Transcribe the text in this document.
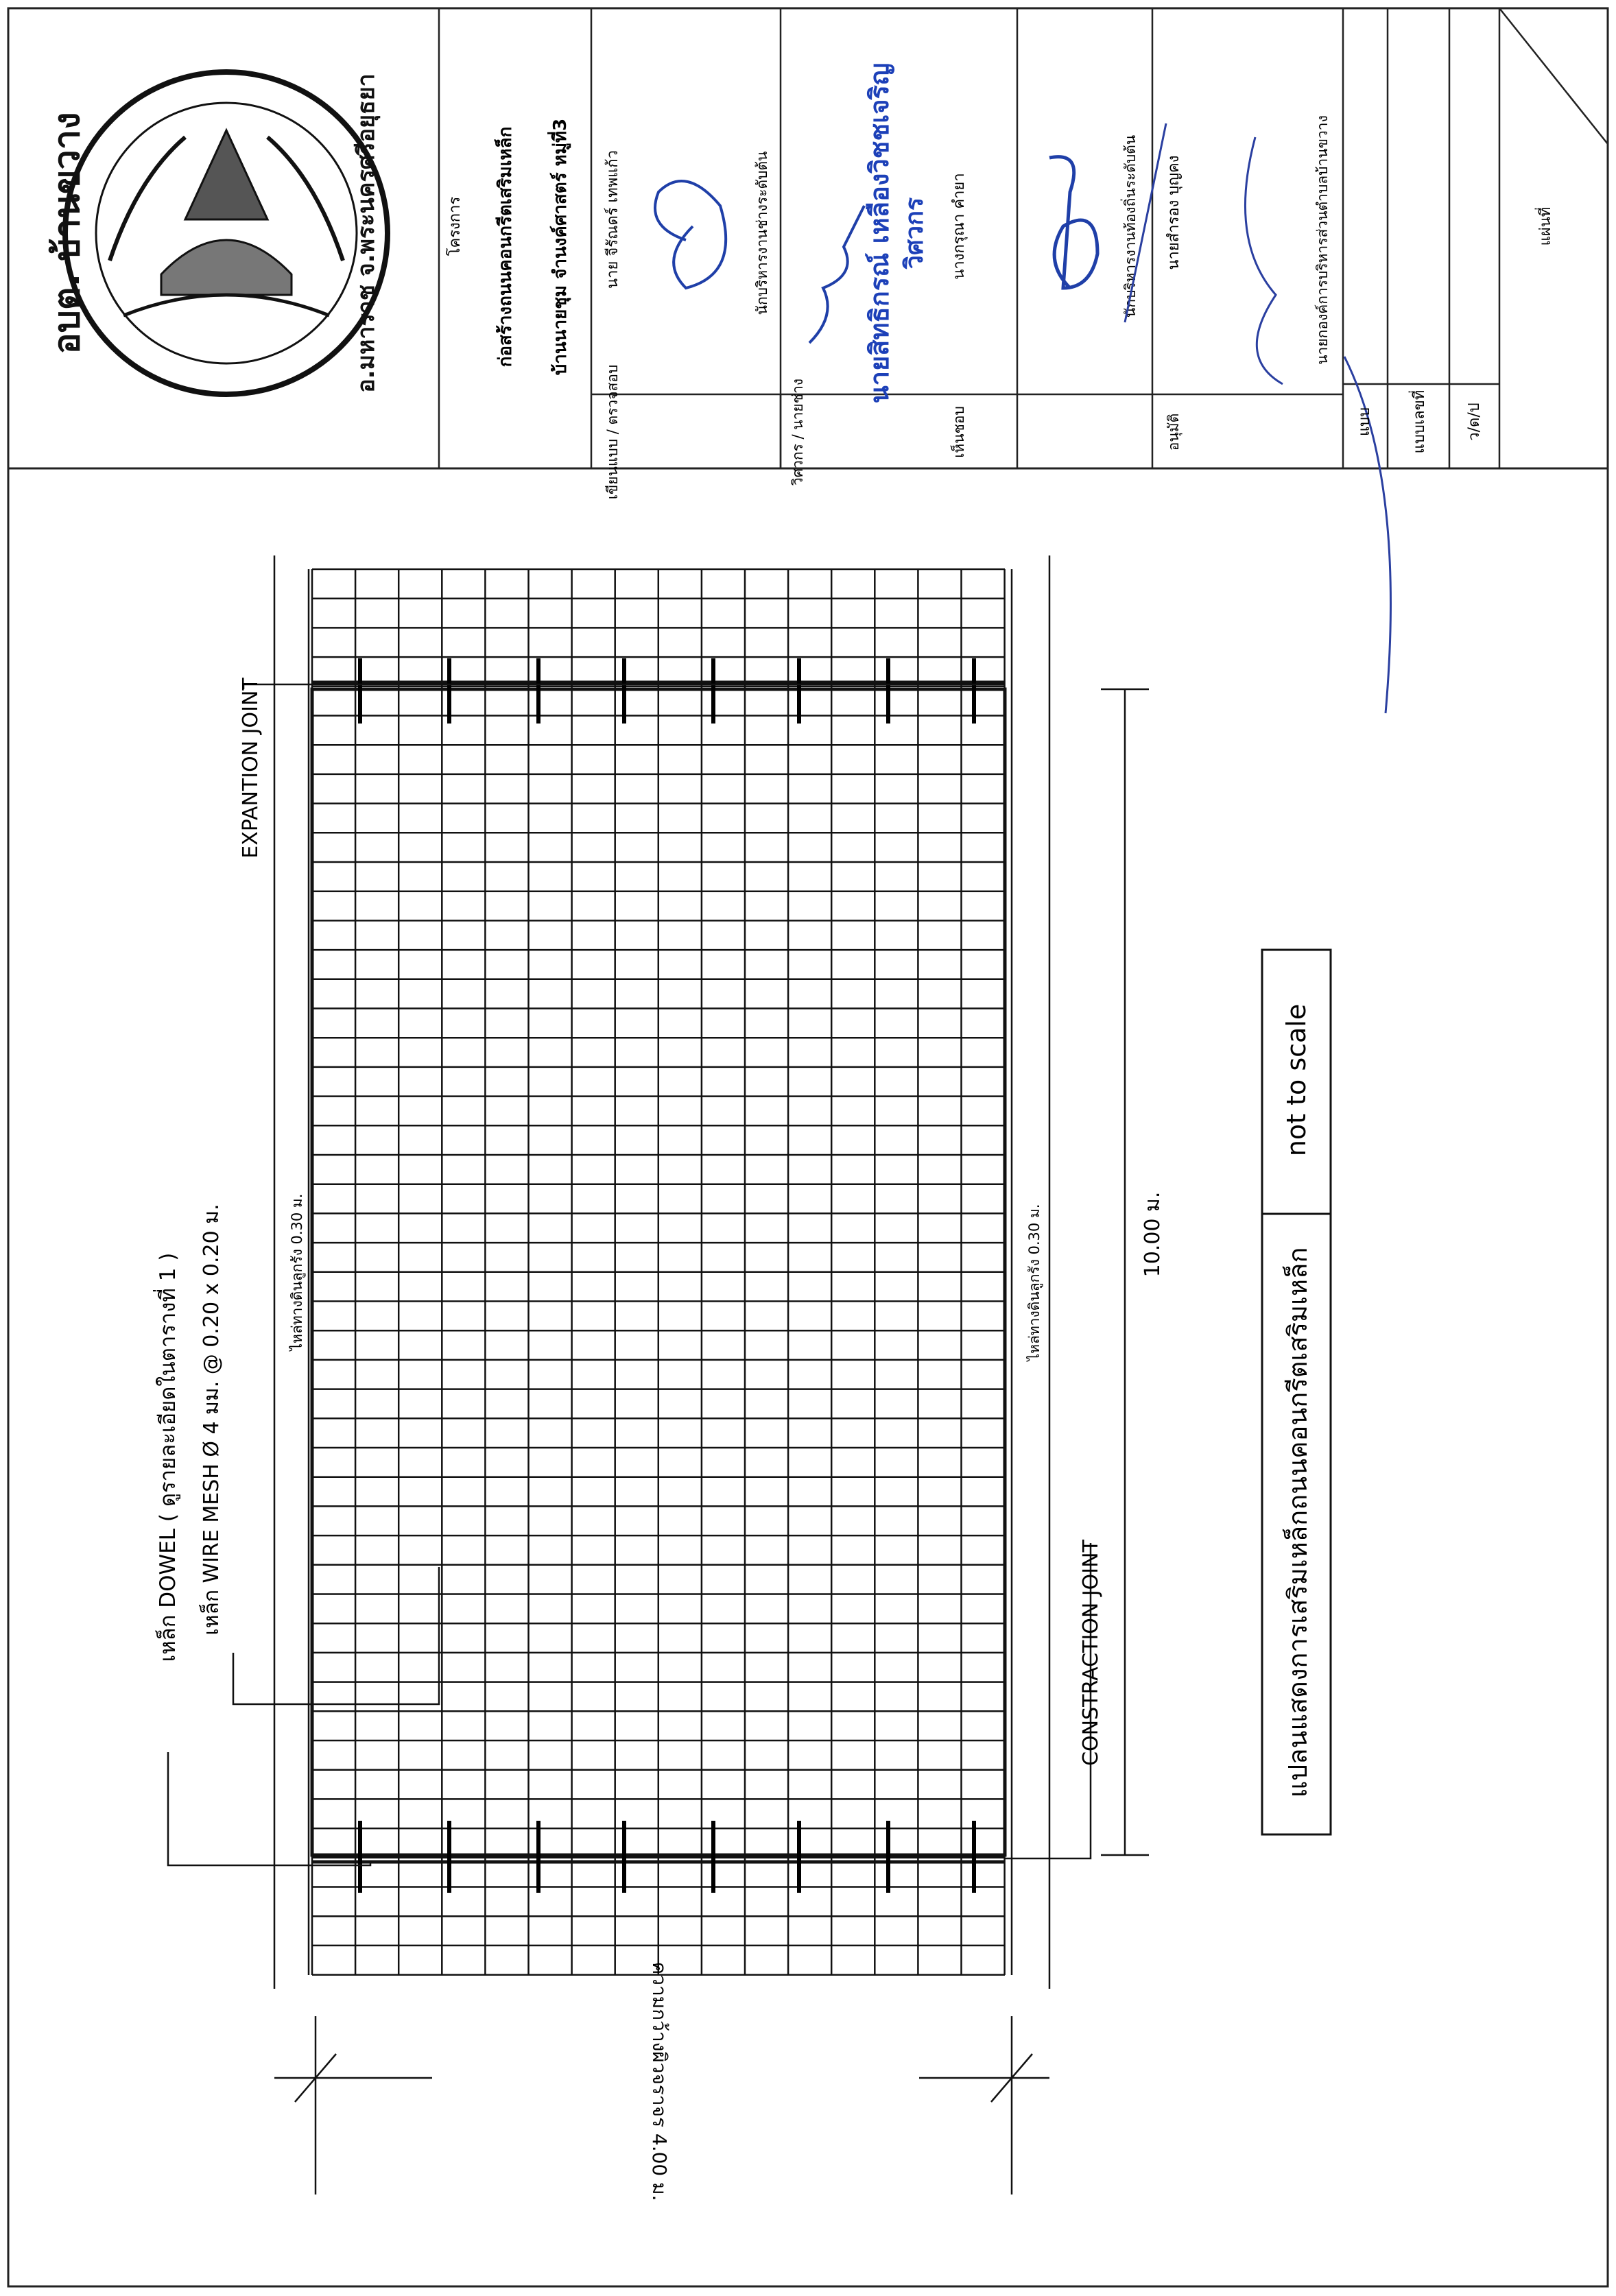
อบต. บ้านขวาง	อ.มหาราช จ.พระนครศรีอยุธยา	โครงการ ก่อสร้างถนนคอนกรีตเสริมเหล็ก บ้านนายชุม จำนงค์ศาสตร์ หมู่ที่3
เขียนแบบ / ตรวจสอบ
นาย จีรัณดร์ เทพแก้ว	นักบริหารงานช่างระดับต้น
วิศวกร / นายช่าง
นายสิทธิกรณ์ เหลืองวิชชเจริญ วิศวกร
เห็นชอบ
นางกรุณา คำยา	นักบริหารงานท้องถิ่นระดับต้น
อนุมัติ
นายสำรอง บุญคง	นายกองค์การบริหารส่วนตำบลบ้านขวาง
แบบ	แบบเลขที่	ว/ด/ป
แผ่นที่
EXPANTION JOINT
เหล็ก WIRE MESH Ø 4 มม. @ 0.20 x 0.20 ม.
เหล็ก DOWEL ( ดูรายละเอียดในตารางที่ 1 )	ไหล่ทางดินลูกรัง 0.30 ม.	ไหล่ทางดินลูกรัง 0.30 ม.
CONSTRACTION JOINT
10.00 ม.
ความกว้างผิวจราจร 4.00 ม.
not to scale
แปลนแสดงการเสริมเหล็กถนนคอนกรีตเสริมเหล็ก
